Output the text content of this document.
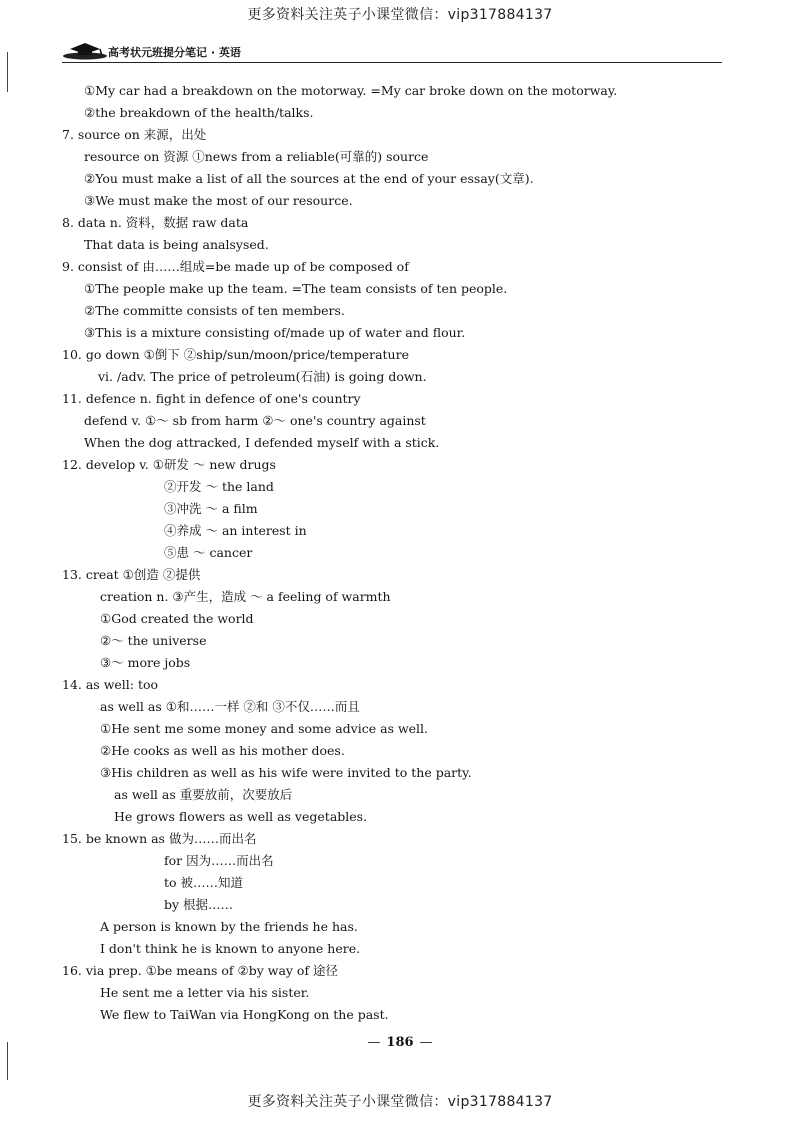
更多资料关注英子小课堂微信：vip317884137
高考状元班提分笔记 · 英语
①My car had a breakdown on the motorway. =My car broke down on the motorway.
②the breakdown of the health/talks.
7. source on 来源，出处
resource on 资源 ①news from a reliable(可靠的) source
②You must make a list of all the sources at the end of your essay(文章).
③We must make the most of our resource.
8. data n. 资料，数据 raw data
That data is being analsysed.
9. consist of 由……组成=be made up of be composed of
①The people make up the team. =The team consists of ten people.
②The committe consists of ten members.
③This is a mixture consisting of/made up of water and flour.
10. go down ①倒下 ②ship/sun/moon/price/temperature
vi. /adv. The price of petroleum(石油) is going down.
11. defence n. fight in defence of one's country
defend v. ①～ sb from harm ②～ one's country against
When the dog attracked, I defended myself with a stick.
12. develop v. ①研发 ～ new drugs
②开发 ～ the land
③冲洗 ～ a film
④养成 ～ an interest in
⑤患 ～ cancer
13. creat ①创造 ②提供
creation n. ③产生，造成 ～ a feeling of warmth
①God created the world
②～ the universe
③～ more jobs
14. as well: too
as well as ①和……一样 ②和 ③不仅……而且
①He sent me some money and some advice as well.
②He cooks as well as his mother does.
③His children as well as his wife were invited to the party.
as well as 重要放前，次要放后
He grows flowers as well as vegetables.
15. be known as 做为……而出名
for 因为……而出名
to 被……知道
by 根据……
A person is known by the friends he has.
I don't think he is known to anyone here.
16. via prep. ①be means of ②by way of 途径
He sent me a letter via his sister.
We flew to TaiWan via HongKong on the past.
— 186 —
更多资料关注英子小课堂微信：vip317884137
